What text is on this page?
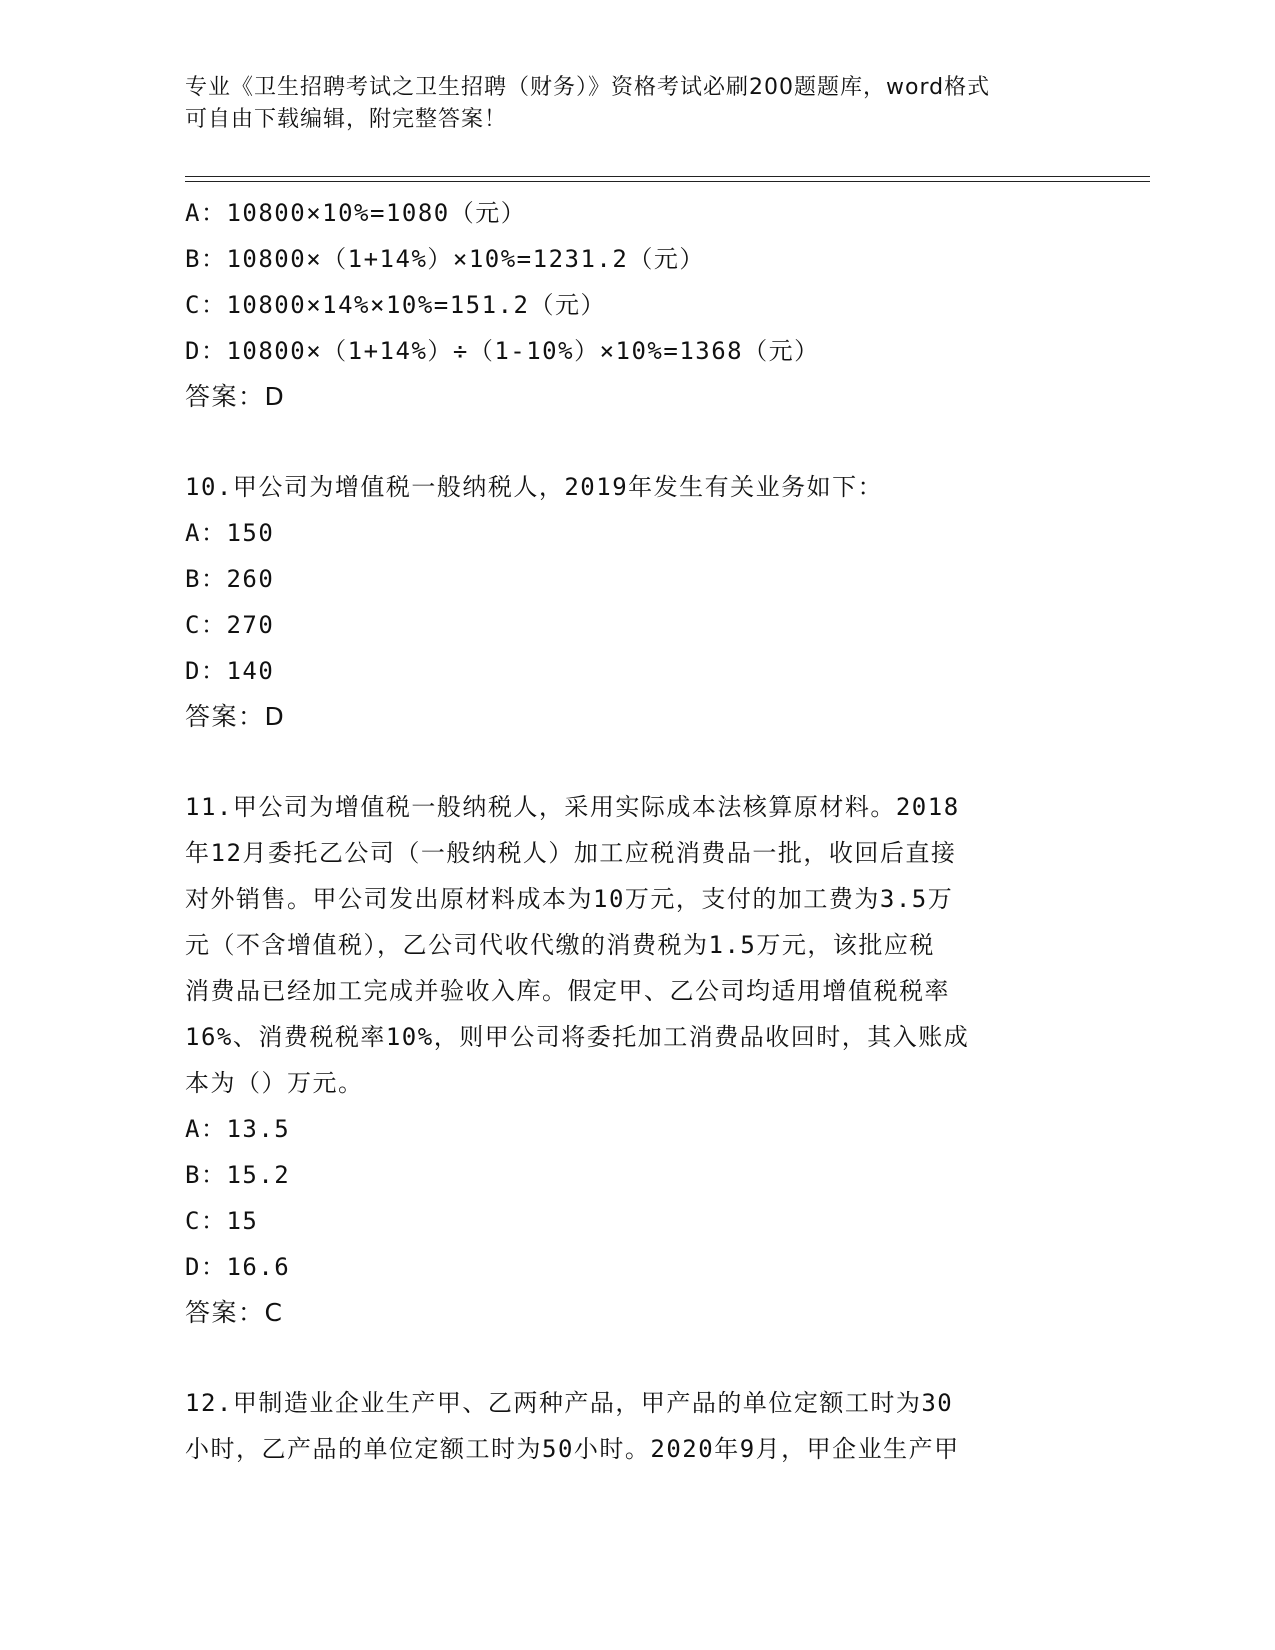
专业《卫生招聘考试之卫生招聘（财务）》资格考试必刷200题题库，word格式
可自由下载编辑，附完整答案！
A：10800×10%=1080（元）
B：10800×（1+14%）×10%=1231.2（元）
C：10800×14%×10%=151.2（元）
D：10800×（1+14%）÷（1-10%）×10%=1368（元）
答案：D
10.甲公司为增值税一般纳税人，2019年发生有关业务如下：
A：150
B：260
C：270
D：140
答案：D
11.甲公司为增值税一般纳税人，采用实际成本法核算原材料。2018
年12月委托乙公司（一般纳税人）加工应税消费品一批，收回后直接
对外销售。甲公司发出原材料成本为10万元，支付的加工费为3.5万
元（不含增值税），乙公司代收代缴的消费税为1.5万元，该批应税
消费品已经加工完成并验收入库。假定甲、乙公司均适用增值税税率
16%、消费税税率10%，则甲公司将委托加工消费品收回时，其入账成
本为（）万元。
A：13.5
B：15.2
C：15
D：16.6
答案：C
12.甲制造业企业生产甲、乙两种产品，甲产品的单位定额工时为30
小时，乙产品的单位定额工时为50小时。2020年9月，甲企业生产甲
